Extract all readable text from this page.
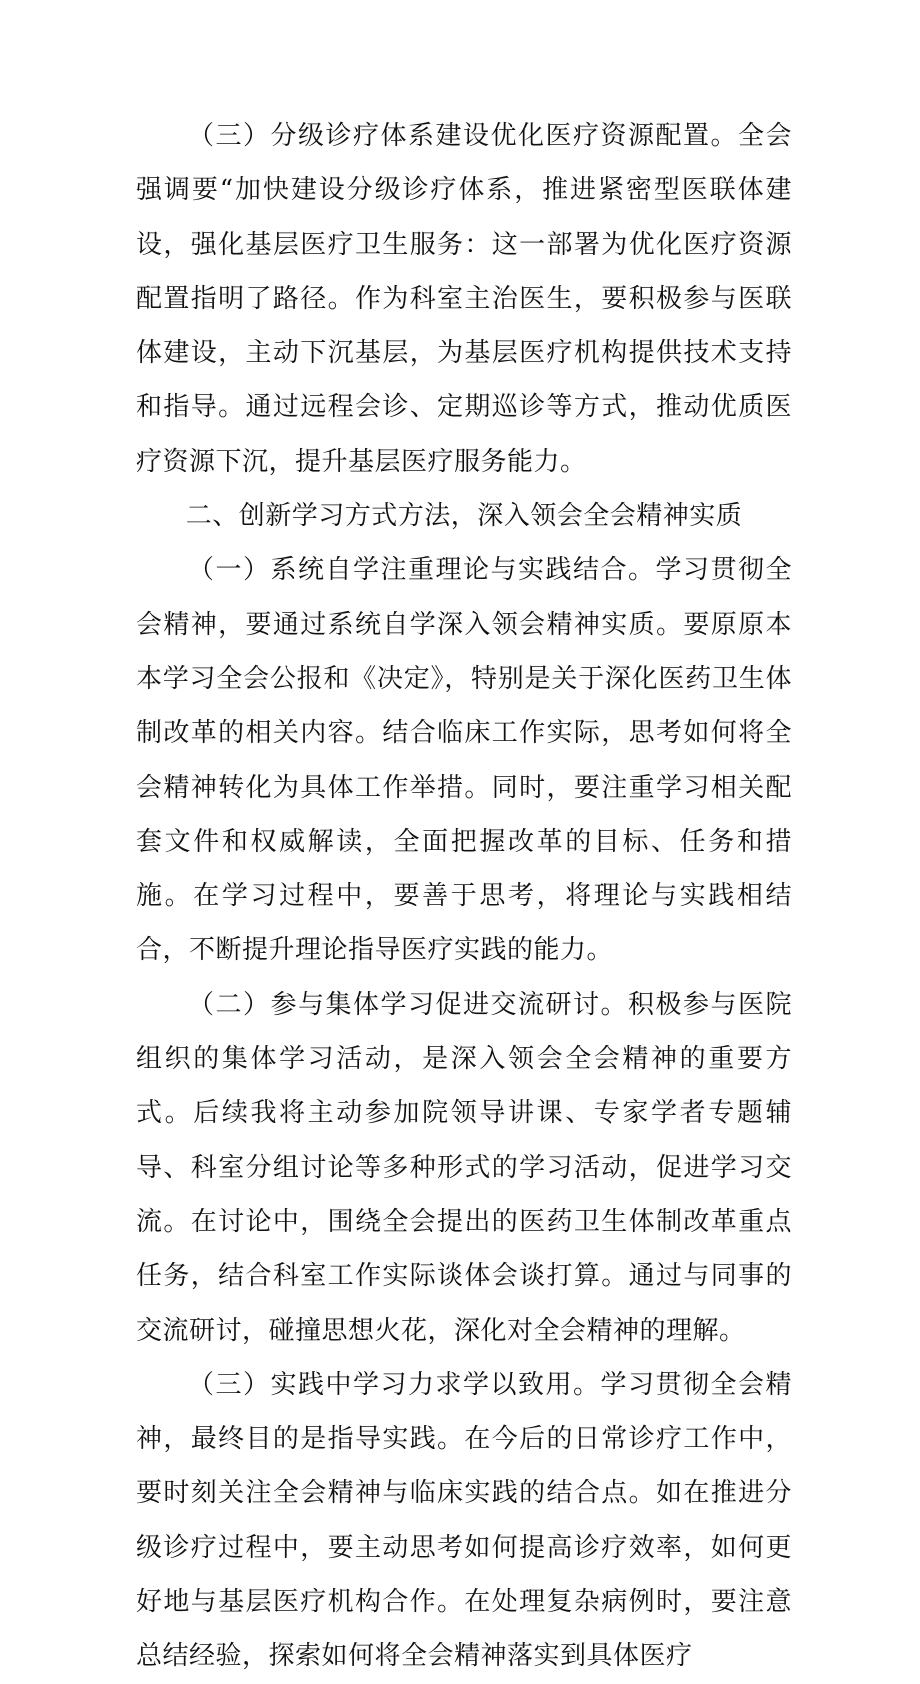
（三）分级诊疗体系建设优化医疗资源配置。全会强调要“加快建设分级诊疗体系，推进紧密型医联体建设，强化基层医疗卫生服务：这一部署为优化医疗资源配置指明了路径。作为科室主治医生，要积极参与医联体建设，主动下沉基层，为基层医疗机构提供技术支持和指导。通过远程会诊、定期巡诊等方式，推动优质医疗资源下沉，提升基层医疗服务能力。

二、创新学习方式方法，深入领会全会精神实质

（一）系统自学注重理论与实践结合。学习贯彻全会精神，要通过系统自学深入领会精神实质。要原原本本学习全会公报和《决定》，特别是关于深化医药卫生体制改革的相关内容。结合临床工作实际，思考如何将全会精神转化为具体工作举措。同时，要注重学习相关配套文件和权威解读，全面把握改革的目标、任务和措施。在学习过程中，要善于思考，将理论与实践相结合，不断提升理论指导医疗实践的能力。

（二）参与集体学习促进交流研讨。积极参与医院组织的集体学习活动，是深入领会全会精神的重要方式。后续我将主动参加院领导讲课、专家学者专题辅导、科室分组讨论等多种形式的学习活动，促进学习交流。在讨论中，围绕全会提出的医药卫生体制改革重点任务，结合科室工作实际谈体会谈打算。通过与同事的交流研讨，碰撞思想火花，深化对全会精神的理解。

（三）实践中学习力求学以致用。学习贯彻全会精神，最终目的是指导实践。在今后的日常诊疗工作中，要时刻关注全会精神与临床实践的结合点。如在推进分级诊疗过程中，要主动思考如何提高诊疗效率，如何更好地与基层医疗机构合作。在处理复杂病例时，要注意总结经验，探索如何将全会精神落实到具体医疗
